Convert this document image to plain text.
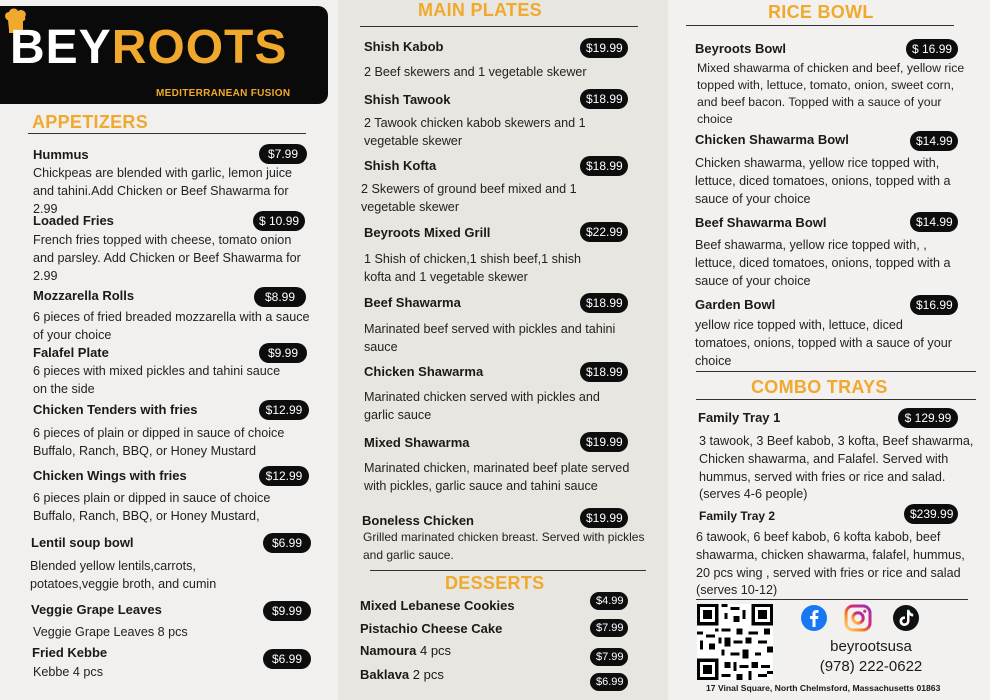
BEYROOTS
MEDITERRANEAN FUSION
APPETIZERS
Hummus	$7.99
Chickpeas are blended with garlic, lemon juice and tahini.Add Chicken or Beef Shawarma for 2.99
Loaded Fries	$ 10.99
French fries topped with cheese, tomato onion and parsley. Add Chicken or Beef Shawarma for 2.99
Mozzarella Rolls	$8.99
6 pieces of fried breaded mozzarella with a sauce of your choice
Falafel Plate	$9.99
6 pieces with mixed pickles and tahini sauce on the side
Chicken Tenders with fries	$12.99
6 pieces of plain or dipped in sauce of choice Buffalo, Ranch, BBQ, or Honey Mustard
Chicken Wings with fries	$12.99
6 pieces plain or dipped in sauce of choice Buffalo, Ranch, BBQ, or Honey Mustard,
Lentil soup bowl	$6.99
Blended yellow lentils,carrots, potatoes,veggie broth, and cumin
Veggie Grape Leaves	$9.99
Veggie Grape Leaves 8 pcs
Fried Kebbe	$6.99
Kebbe 4 pcs
MAIN PLATES
Shish Kabob	$19.99
2 Beef skewers and 1 vegetable skewer
Shish Tawook	$18.99
2 Tawook chicken kabob skewers and 1 vegetable skewer
Shish Kofta	$18.99
2 Skewers of ground beef mixed and 1 vegetable skewer
Beyroots Mixed Grill	$22.99
1 Shish of chicken,1 shish beef,1 shish kofta and 1 vegetable skewer
Beef Shawarma	$18.99
Marinated beef served with pickles and tahini sauce
Chicken Shawarma	$18.99
Marinated chicken served with pickles and garlic sauce
Mixed Shawarma	$19.99
Marinated chicken, marinated beef plate served with pickles, garlic sauce and tahini sauce
Boneless Chicken	$19.99
Grilled marinated chicken breast. Served with pickles and garlic sauce.
DESSERTS
Mixed Lebanese Cookies	$4.99
Pistachio Cheese Cake	$7.99
Namoura 4 pcs	$7.99
Baklava 2 pcs	$6.99
RICE BOWL
Beyroots Bowl	$ 16.99
Mixed shawarma of chicken and beef, yellow rice topped with, lettuce, tomato, onion, sweet corn, and beef bacon. Topped with a sauce of your choice
Chicken Shawarma Bowl	$14.99
Chicken shawarma, yellow rice topped with, lettuce, diced tomatoes, onions, topped with a sauce of your choice
Beef Shawarma Bowl	$14.99
Beef shawarma, yellow rice topped with, , lettuce, diced tomatoes, onions, topped with a sauce of your choice
Garden Bowl	$16.99
yellow rice topped with, lettuce, diced tomatoes, onions, topped with a sauce of your choice
COMBO TRAYS
Family Tray 1	$ 129.99
3 tawook, 3 Beef kabob, 3 kofta, Beef shawarma, Chicken shawarma, and Falafel. Served with hummus, served with fries or rice and salad. (serves 4-6 people)
Family Tray 2	$239.99
6 tawook, 6 beef kabob, 6 kofta kabob, beef shawarma, chicken shawarma, falafel, hummus, 20 pcs wing , served with fries or rice and salad (serves 10-12)
beyrootsusa
(978) 222-0622
17 Vinal Square, North Chelmsford, Massachusetts 01863
